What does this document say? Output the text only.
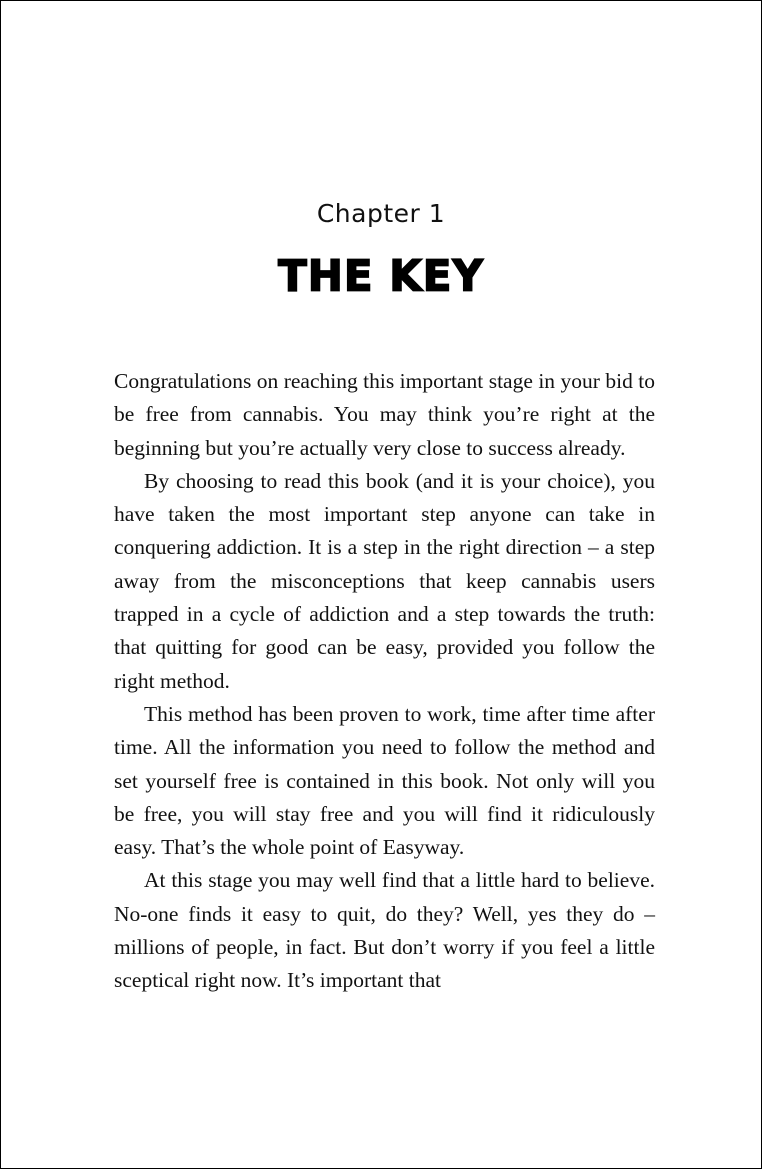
Chapter 1
THE KEY

Congratulations on reaching this important stage in your bid to be free from cannabis. You may think you’re right at the beginning but you’re actually very close to success already.

By choosing to read this book (and it is your choice), you have taken the most important step anyone can take in conquering addiction. It is a step in the right direction – a step away from the misconceptions that keep cannabis users trapped in a cycle of addiction and a step towards the truth: that quitting for good can be easy, provided you follow the right method.

This method has been proven to work, time after time after time. All the information you need to follow the method and set yourself free is contained in this book. Not only will you be free, you will stay free and you will find it ridiculously easy. That’s the whole point of Easyway.

At this stage you may well find that a little hard to believe. No-one finds it easy to quit, do they? Well, yes they do – millions of people, in fact. But don’t worry if you feel a little sceptical right now. It’s important that
